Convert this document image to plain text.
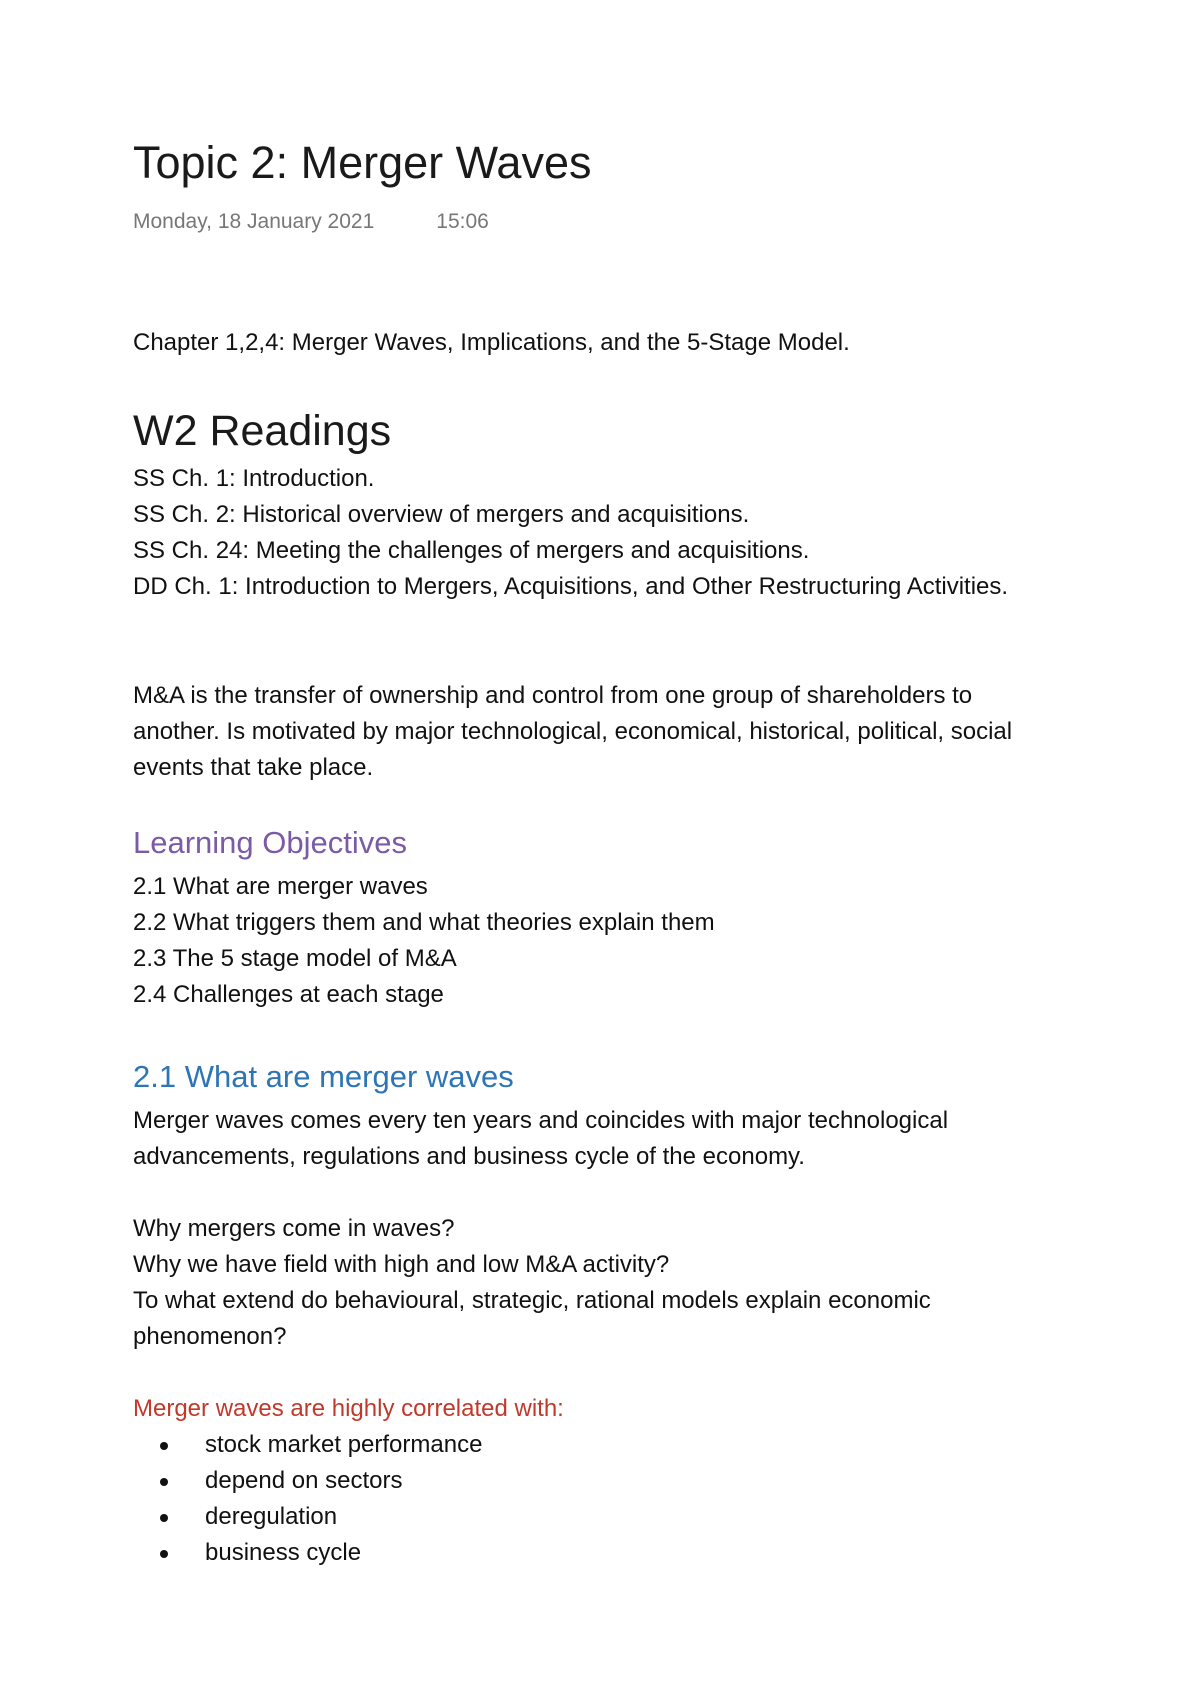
Topic 2: Merger Waves
Monday, 18 January 2021	15:06
Chapter 1,2,4: Merger Waves, Implications, and the 5-Stage Model.
W2 Readings
SS Ch. 1: Introduction.
SS Ch. 2: Historical overview of mergers and acquisitions.
SS Ch. 24: Meeting the challenges of mergers and acquisitions.
DD Ch. 1: Introduction to Mergers, Acquisitions, and Other Restructuring Activities.
M&A is the transfer of ownership and control from one group of shareholders to
another. Is motivated by major technological, economical, historical, political, social
events that take place.
Learning Objectives
2.1 What are merger waves
2.2 What triggers them and what theories explain them
2.3 The 5 stage model of M&A
2.4 Challenges at each stage
2.1 What are merger waves
Merger waves comes every ten years and coincides with major technological
advancements, regulations and business cycle of the economy.
Why mergers come in waves?
Why we have field with high and low M&A activity?
To what extend do behavioural, strategic, rational models explain economic
phenomenon?
Merger waves are highly correlated with:
stock market performance
depend on sectors
deregulation
business cycle
